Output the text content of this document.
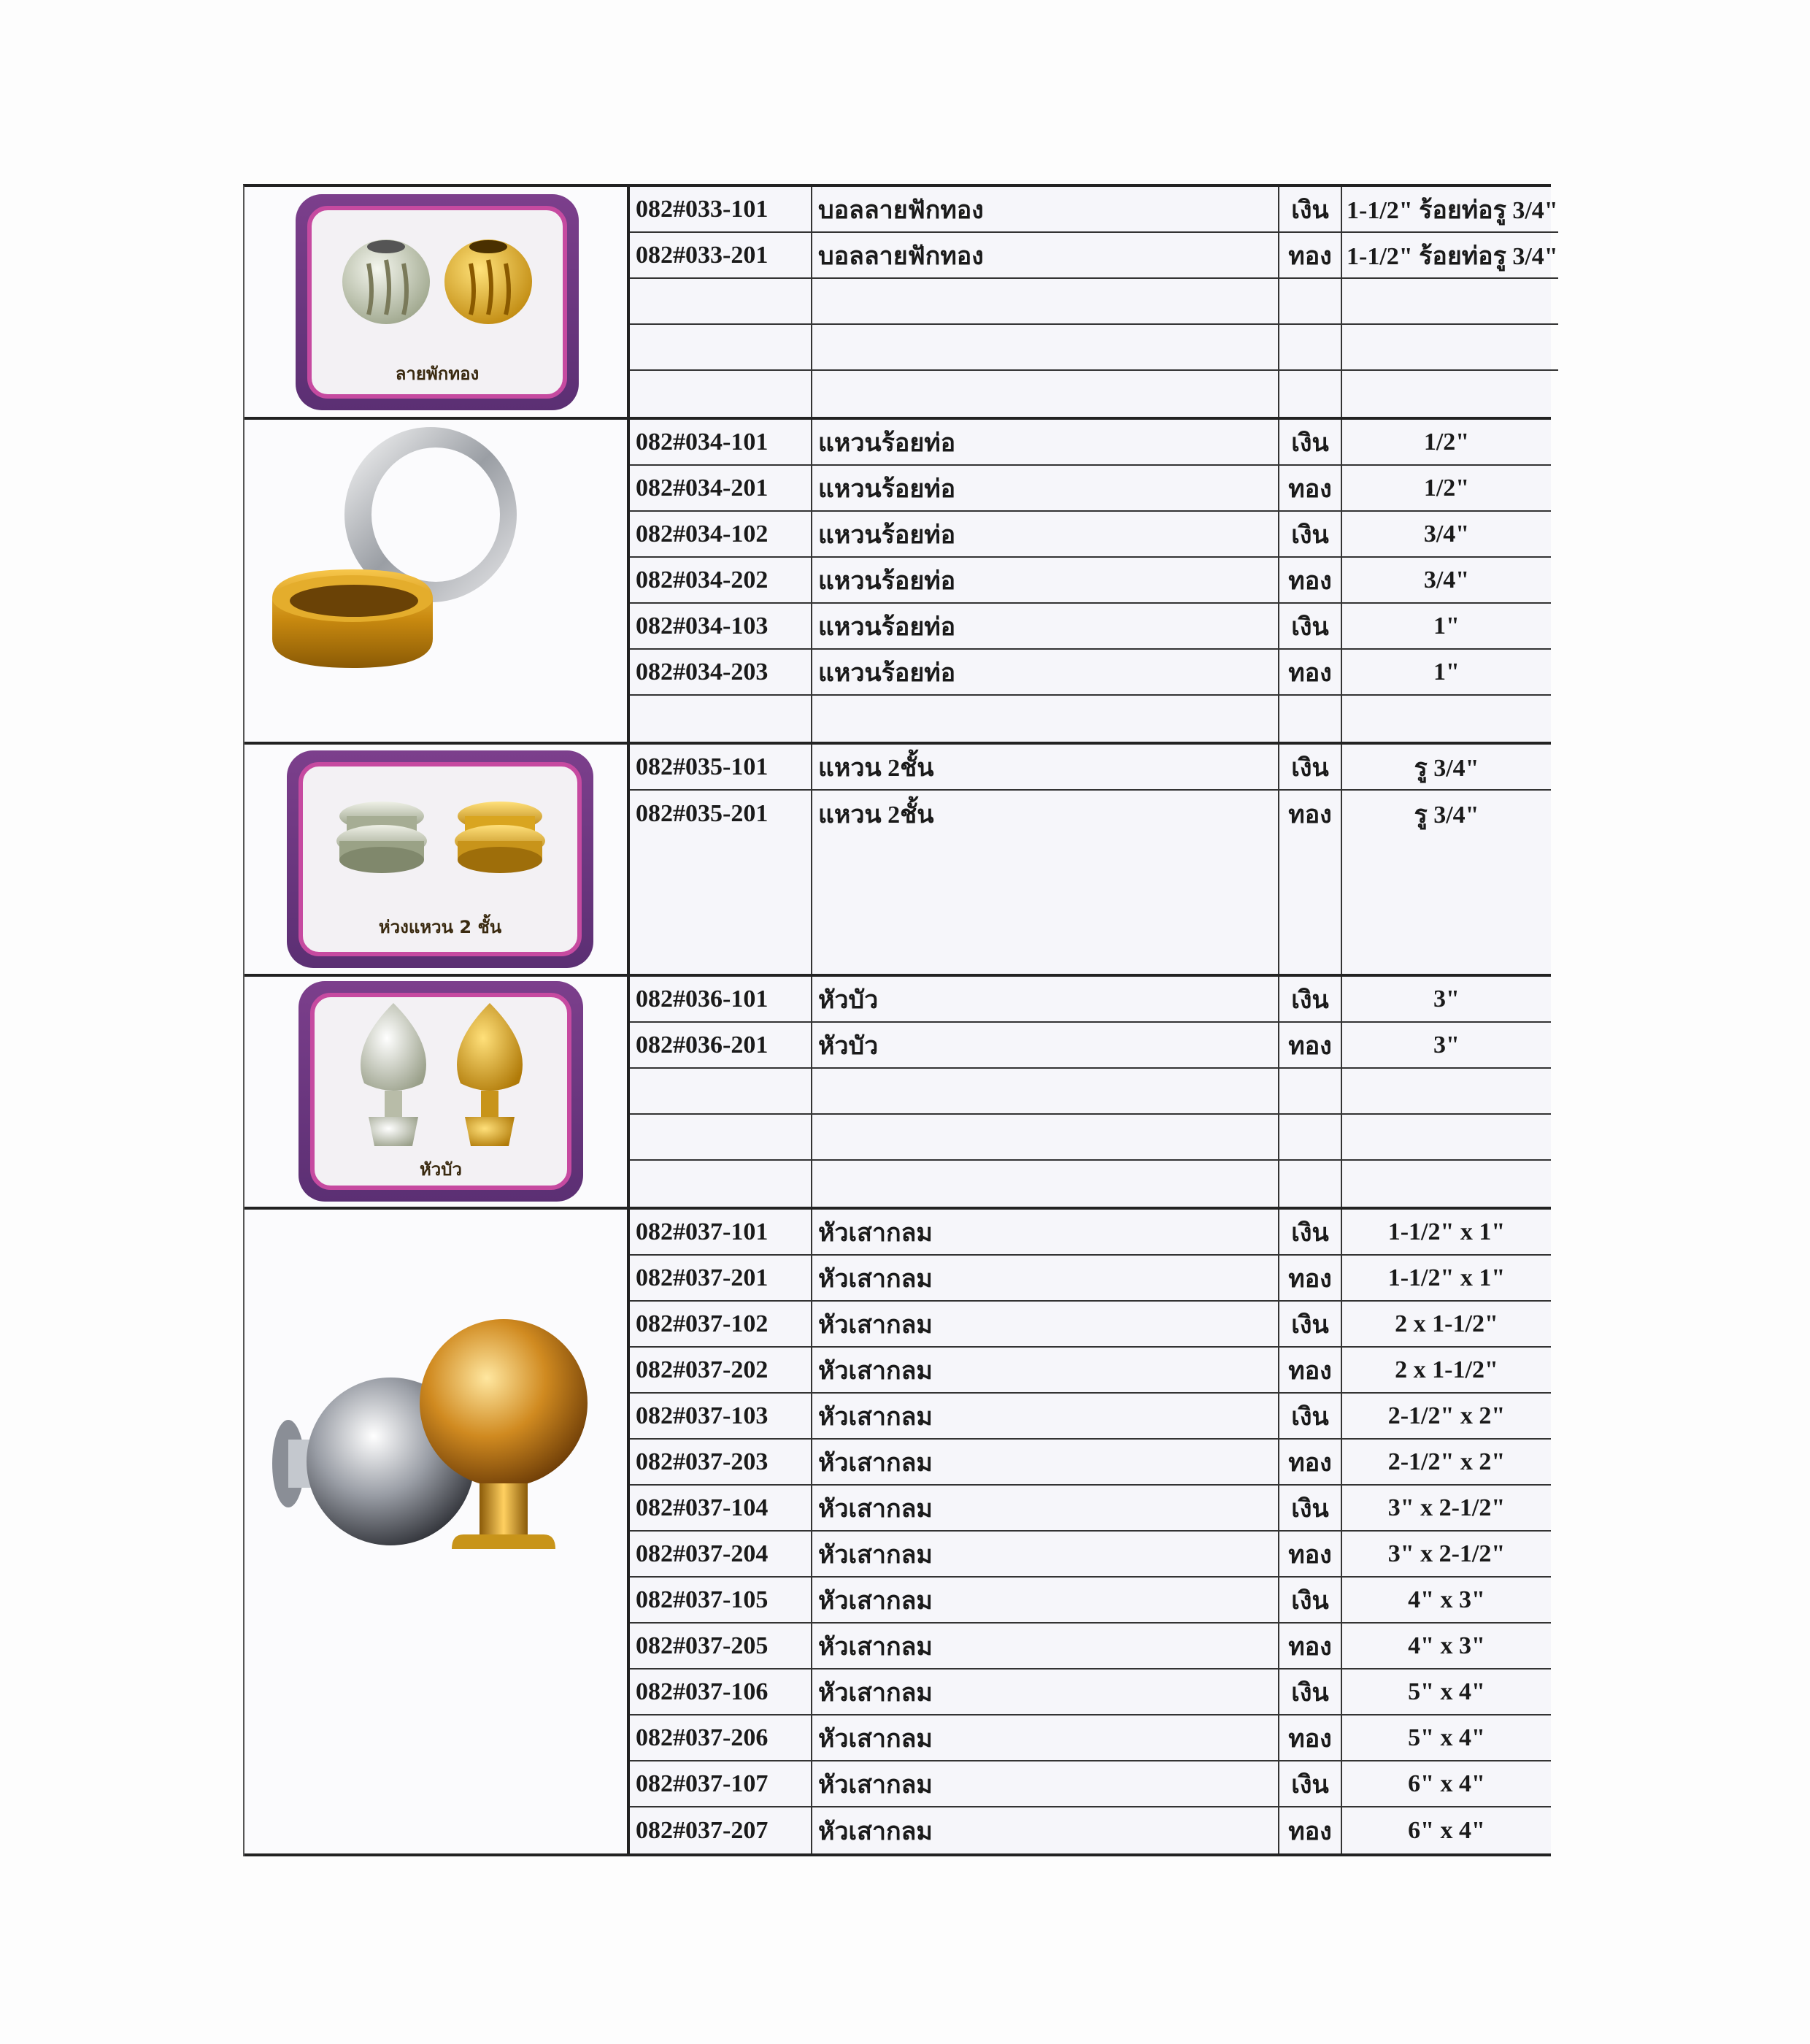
ลายพักทอง
082#033-101	บอลลายฟักทอง	เงิน 1-1/2" ร้อยท่อรู 3/4"
082#033-201	บอลลายฟักทอง	ทอง 1-1/2" ร้อยท่อรู 3/4"
082#034-101	แหวนร้อยท่อ	เงิน	1/2"
082#034-201	แหวนร้อยท่อ	ทอง	1/2"
082#034-102	แหวนร้อยท่อ	เงิน	3/4"
082#034-202	แหวนร้อยท่อ	ทอง	3/4"
082#034-103	แหวนร้อยท่อ	เงิน	1"
082#034-203	แหวนร้อยท่อ	ทอง	1"
ห่วงแหวน 2 ชั้น
082#035-101	แหวน 2ชั้น	เงิน	รู 3/4"
082#035-201	แหวน 2ชั้น	ทอง	รู 3/4"
หัวบัว
082#036-101	หัวบัว	เงิน	3"
082#036-201	หัวบัว	ทอง	3"
082#037-101	หัวเสากลม	เงิน	1-1/2" x 1"
082#037-201	หัวเสากลม	ทอง	1-1/2" x 1"
082#037-102	หัวเสากลม	เงิน	2 x 1-1/2"
082#037-202	หัวเสากลม	ทอง	2 x 1-1/2"
082#037-103	หัวเสากลม	เงิน	2-1/2" x 2"
082#037-203	หัวเสากลม	ทอง	2-1/2" x 2"
082#037-104	หัวเสากลม	เงิน	3" x 2-1/2"
082#037-204	หัวเสากลม	ทอง	3" x 2-1/2"
082#037-105	หัวเสากลม	เงิน	4" x 3"
082#037-205	หัวเสากลม	ทอง	4" x 3"
082#037-106	หัวเสากลม	เงิน	5" x 4"
082#037-206	หัวเสากลม	ทอง	5" x 4"
082#037-107	หัวเสากลม	เงิน	6" x 4"
082#037-207	หัวเสากลม	ทอง	6" x 4"
